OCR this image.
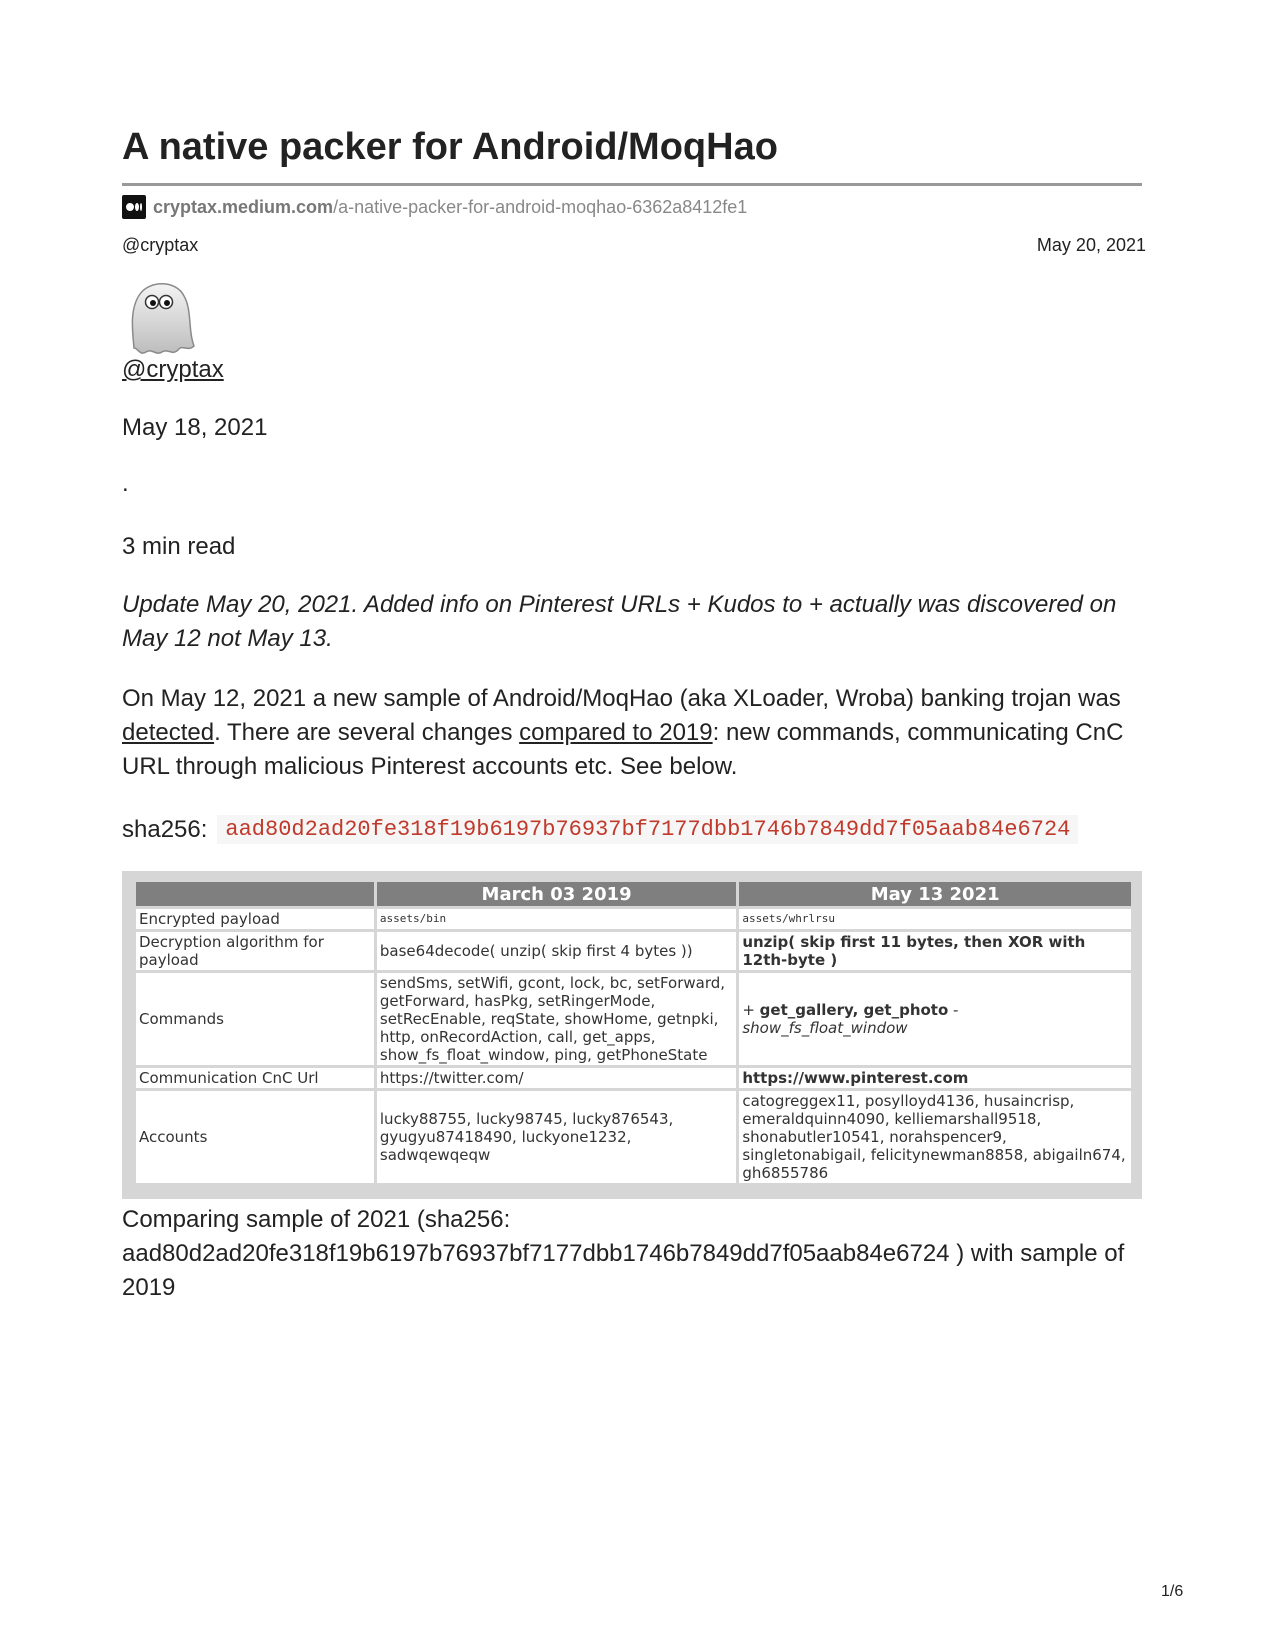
A native packer for Android/MoqHao
cryptax.medium.com /a-native-packer-for-android-moqhao-6362a8412fe1
@cryptax	May 20, 2021
@cryptax
May 18, 2021
.
3 min read

Update May 20, 2021. Added info on Pinterest URLs + Kudos to + actually was discovered on May 12 not May 13.

On May 12, 2021 a new sample of Android/MoqHao (aka XLoader, Wroba) banking trojan was detected. There are several changes compared to 2019: new commands, communicating CnC URL through malicious Pinterest accounts etc. See below.

sha256: aad80d2ad20fe318f19b6197b76937bf7177dbb1746b7849dd7f05aab84e6724
	March 03 2019	May 13 2021
Encrypted payload	assets/bin	assets/whrlrsu
Decryption algorithm for payload	base64decode( unzip( skip first 4 bytes ))	unzip( skip first 11 bytes, then XOR with 12th-byte )
Commands	sendSms, setWifi, gcont, lock, bc, setForward, getForward, hasPkg, setRingerMode, setRecEnable, reqState, showHome, getnpki, http, onRecordAction, call, get_apps, show_fs_float_window, ping, getPhoneState	+ get_gallery, get_photo -
show_fs_float_window
Communication CnC Url	https://twitter.com/	https://www.pinterest.com
Accounts	lucky88755, lucky98745, lucky876543, gyugyu87418490, luckyone1232, sadwqewqeqw	catogreggex11, posylloyd4136, husaincrisp, emeraldquinn4090, kelliemarshall9518, shonabutler10541, norahspencer9, singletonabigail, felicitynewman8858, abigailn674, gh6855786

Comparing sample of 2021 (sha256: aad80d2ad20fe318f19b6197b76937bf7177dbb1746b7849dd7f05aab84e6724 ) with sample of 2019

1/6
